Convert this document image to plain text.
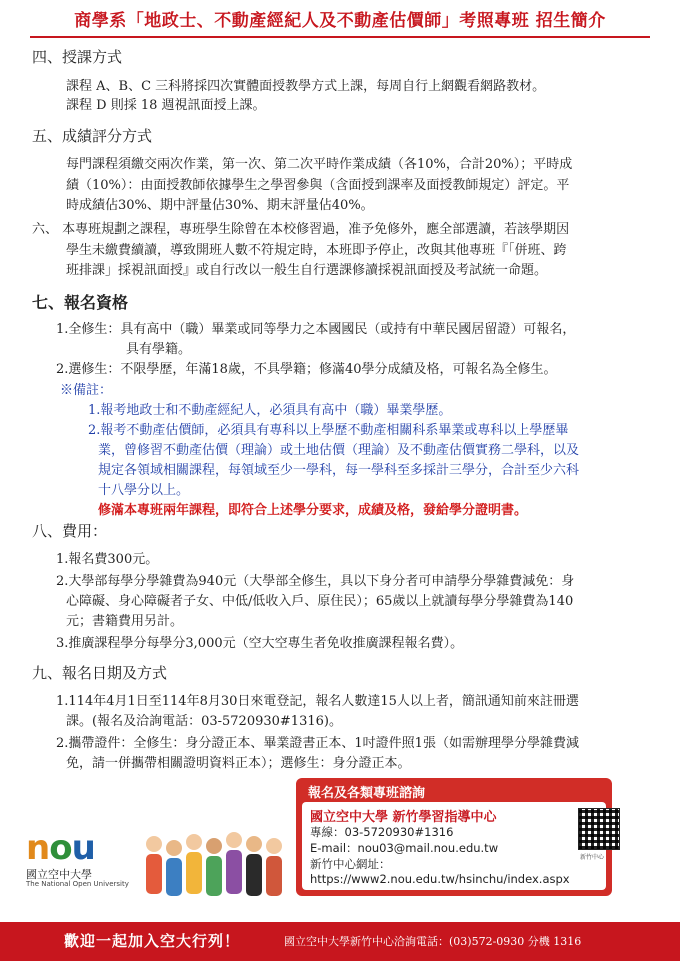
商學系「地政士、不動產經紀人及不動產估價師」考照專班 招生簡介
四、授課方式
課程 A、B、C 三科將採四次實體面授教學方式上課，每周自行上網觀看網路教材。
課程 D 則採 18 週視訊面授上課。
五、成績評分方式
每門課程須繳交兩次作業，第一次、第二次平時作業成績（各10%，合計20%）；平時成
績（10%）：由面授教師依據學生之學習參與（含面授到課率及面授教師規定）評定。平
時成績佔30%、期中評量佔30%、期末評量佔40%。
六、 本專班規劃之課程，專班學生除曾在本校修習過，准予免修外，應全部選讀，若該學期因
學生未繳費續讀，導致開班人數不符規定時，本班即予停止，改與其他專班『「併班、跨
班排課」採視訊面授』或自行改以一般生自行選課修讀採視訊面授及考試統一命題。
七、報名資格
1.全修生：具有高中（職）畢業或同等學力之本國國民（或持有中華民國居留證）可報名，
具有學籍。
2.選修生：不限學歷，年滿18歲，不具學籍；修滿40學分成績及格，可報名為全修生。
※備註：
1.報考地政士和不動產經紀人，必須具有高中（職）畢業學歷。
2.報考不動產估價師，必須具有專科以上學歷不動產相關科系畢業或專科以上學歷畢
業，曾修習不動產估價（理論）或土地估價（理論）及不動產估價實務二學科，以及
規定各領域相關課程，每領域至少一學科，每一學科至多採計三學分，合計至少六科
十八學分以上。
修滿本專班兩年課程，即符合上述學分要求，成績及格，發給學分證明書。
八、費用：
1.報名費300元。
2.大學部每學分學雜費為940元（大學部全修生，具以下身分者可申請學分學雜費減免：身
心障礙、身心障礙者子女、中低/低收入戶、原住民）；65歲以上就讀每學分學雜費為140
元；書籍費用另計。
3.推廣課程學分每學分3,000元（空大空專生者免收推廣課程報名費）。
九、報名日期及方式
1.114年4月1日至114年8月30日來電登記，報名人數達15人以上者，簡訊通知前來註冊選
課。(報名及洽詢電話：03-5720930#1316)。
2.攜帶證件：全修生：身分證正本、畢業證書正本、1吋證件照1張（如需辦理學分學雜費減
免，請一併攜帶相關證明資料正本）；選修生：身分證正本。
nou
國立空中大學
The National Open University
報名及各類專班諮詢
國立空中大學 新竹學習指導中心
專線：03-5720930#1316
E-mail：nou03@mail.nou.edu.tw
新竹中心網址：
https://www2.nou.edu.tw/hsinchu/index.aspx
新竹中心
歡迎一起加入空大行列！	國立空中大學新竹中心洽詢電話：(03)572-0930 分機 1316
